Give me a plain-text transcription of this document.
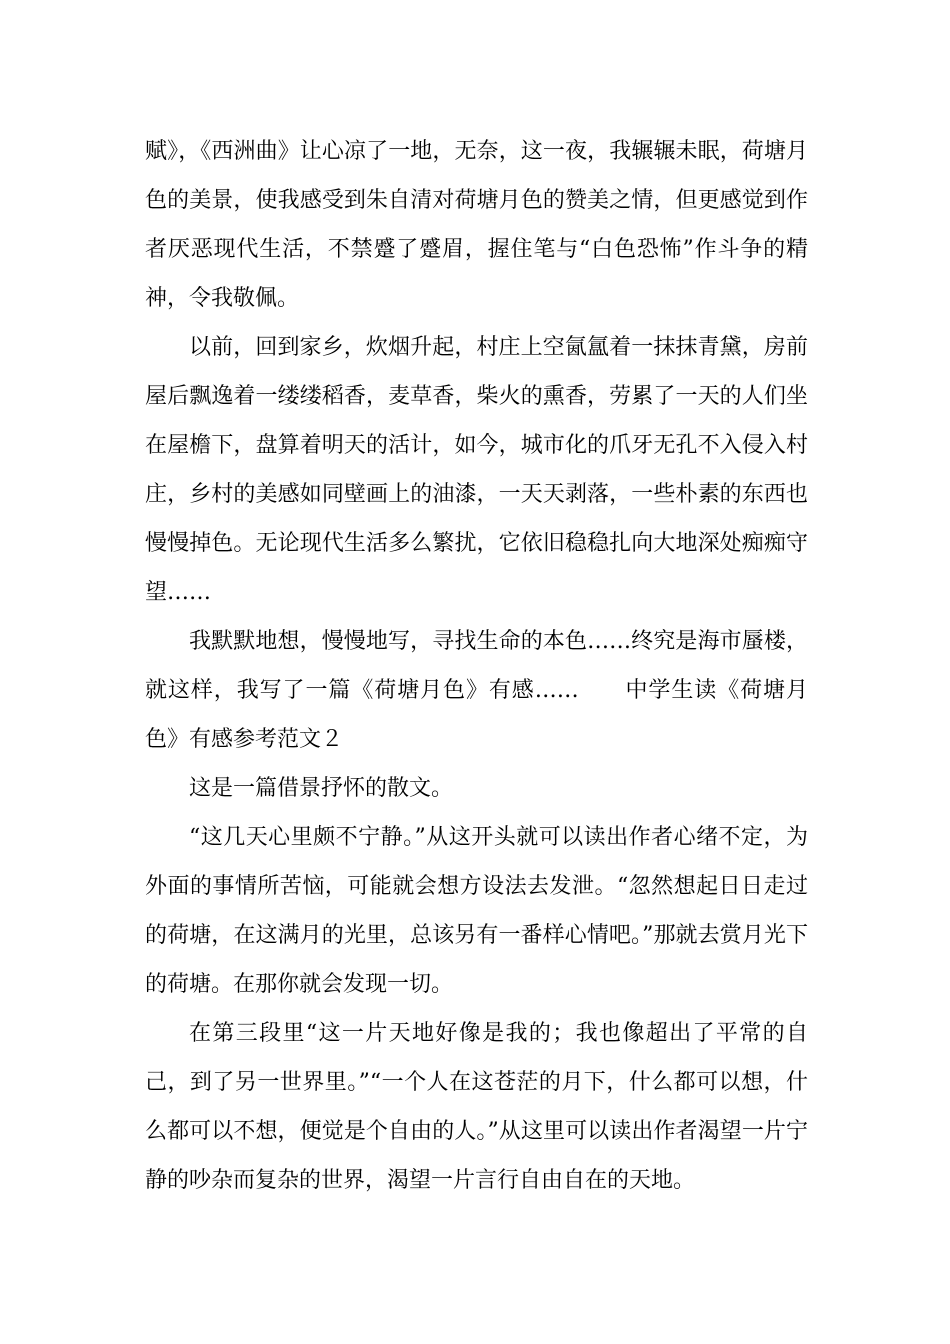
赋》，《西洲曲》让心凉了一地，无奈，这一夜，我辗辗未眠，荷塘月色的美景，使我感受到朱自清对荷塘月色的赞美之情，但更感觉到作者厌恶现代生活，不禁蹙了蹙眉，握住笔与“白色恐怖”作斗争的精神，令我敬佩。

以前，回到家乡，炊烟升起，村庄上空氤氲着一抹抹青黛，房前屋后飘逸着一缕缕稻香，麦草香，柴火的熏香，劳累了一天的人们坐在屋檐下，盘算着明天的活计，如今，城市化的爪牙无孔不入侵入村庄，乡村的美感如同壁画上的油漆，一天天剥落，一些朴素的东西也慢慢掉色。无论现代生活多么繁扰，它依旧稳稳扎向大地深处痴痴守望……

我默默地想，慢慢地写，寻找生命的本色……终究是海市蜃楼，就这样，我写了一篇《荷塘月色》有感……　　中学生读《荷塘月色》有感参考范文２

这是一篇借景抒怀的散文。

“这几天心里颇不宁静。”从这开头就可以读出作者心绪不定，为外面的事情所苦恼，可能就会想方设法去发泄。“忽然想起日日走过的荷塘，在这满月的光里，总该另有一番样心情吧。”那就去赏月光下的荷塘。在那你就会发现一切。

在第三段里“这一片天地好像是我的；我也像超出了平常的自己，到了另一世界里。”“一个人在这苍茫的月下，什么都可以想，什么都可以不想，便觉是个自由的人。”从这里可以读出作者渴望一片宁静的吵杂而复杂的世界，渴望一片言行自由自在的天地。
